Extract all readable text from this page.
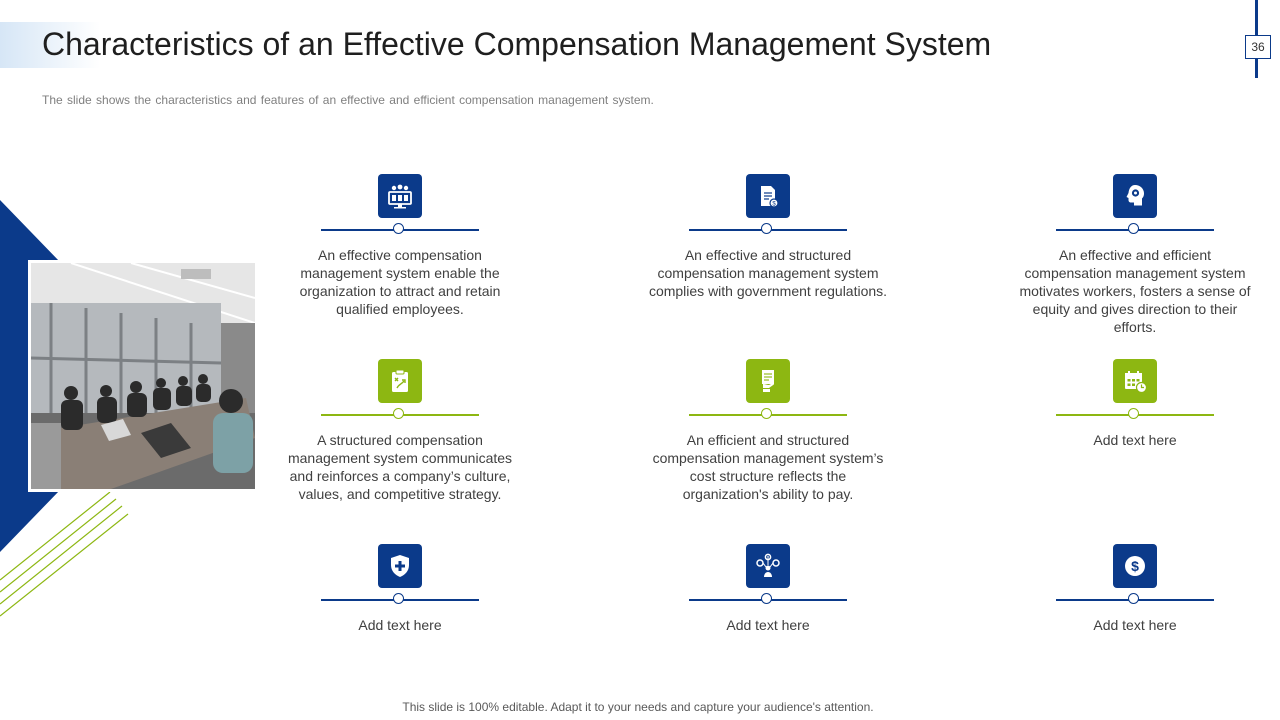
Characteristics of an Effective Compensation Management System
The slide shows the characteristics and features of an effective and efficient compensation management system.
36
An effective compensation management system enable the organization to attract and retain qualified employees.
$
An effective and structured compensation management system complies with government regulations.
An effective and efficient compensation management system motivates workers, fosters a sense of equity and gives direction to their efforts.
A structured compensation management system communicates and reinforces a company’s culture, values, and competitive strategy.
An efficient and structured compensation management system’s cost structure reflects the organization's ability to pay.
Add text here
Add text here
$
Add text here
$
Add text here
This slide is 100% editable. Adapt it to your needs and capture your audience's attention.
